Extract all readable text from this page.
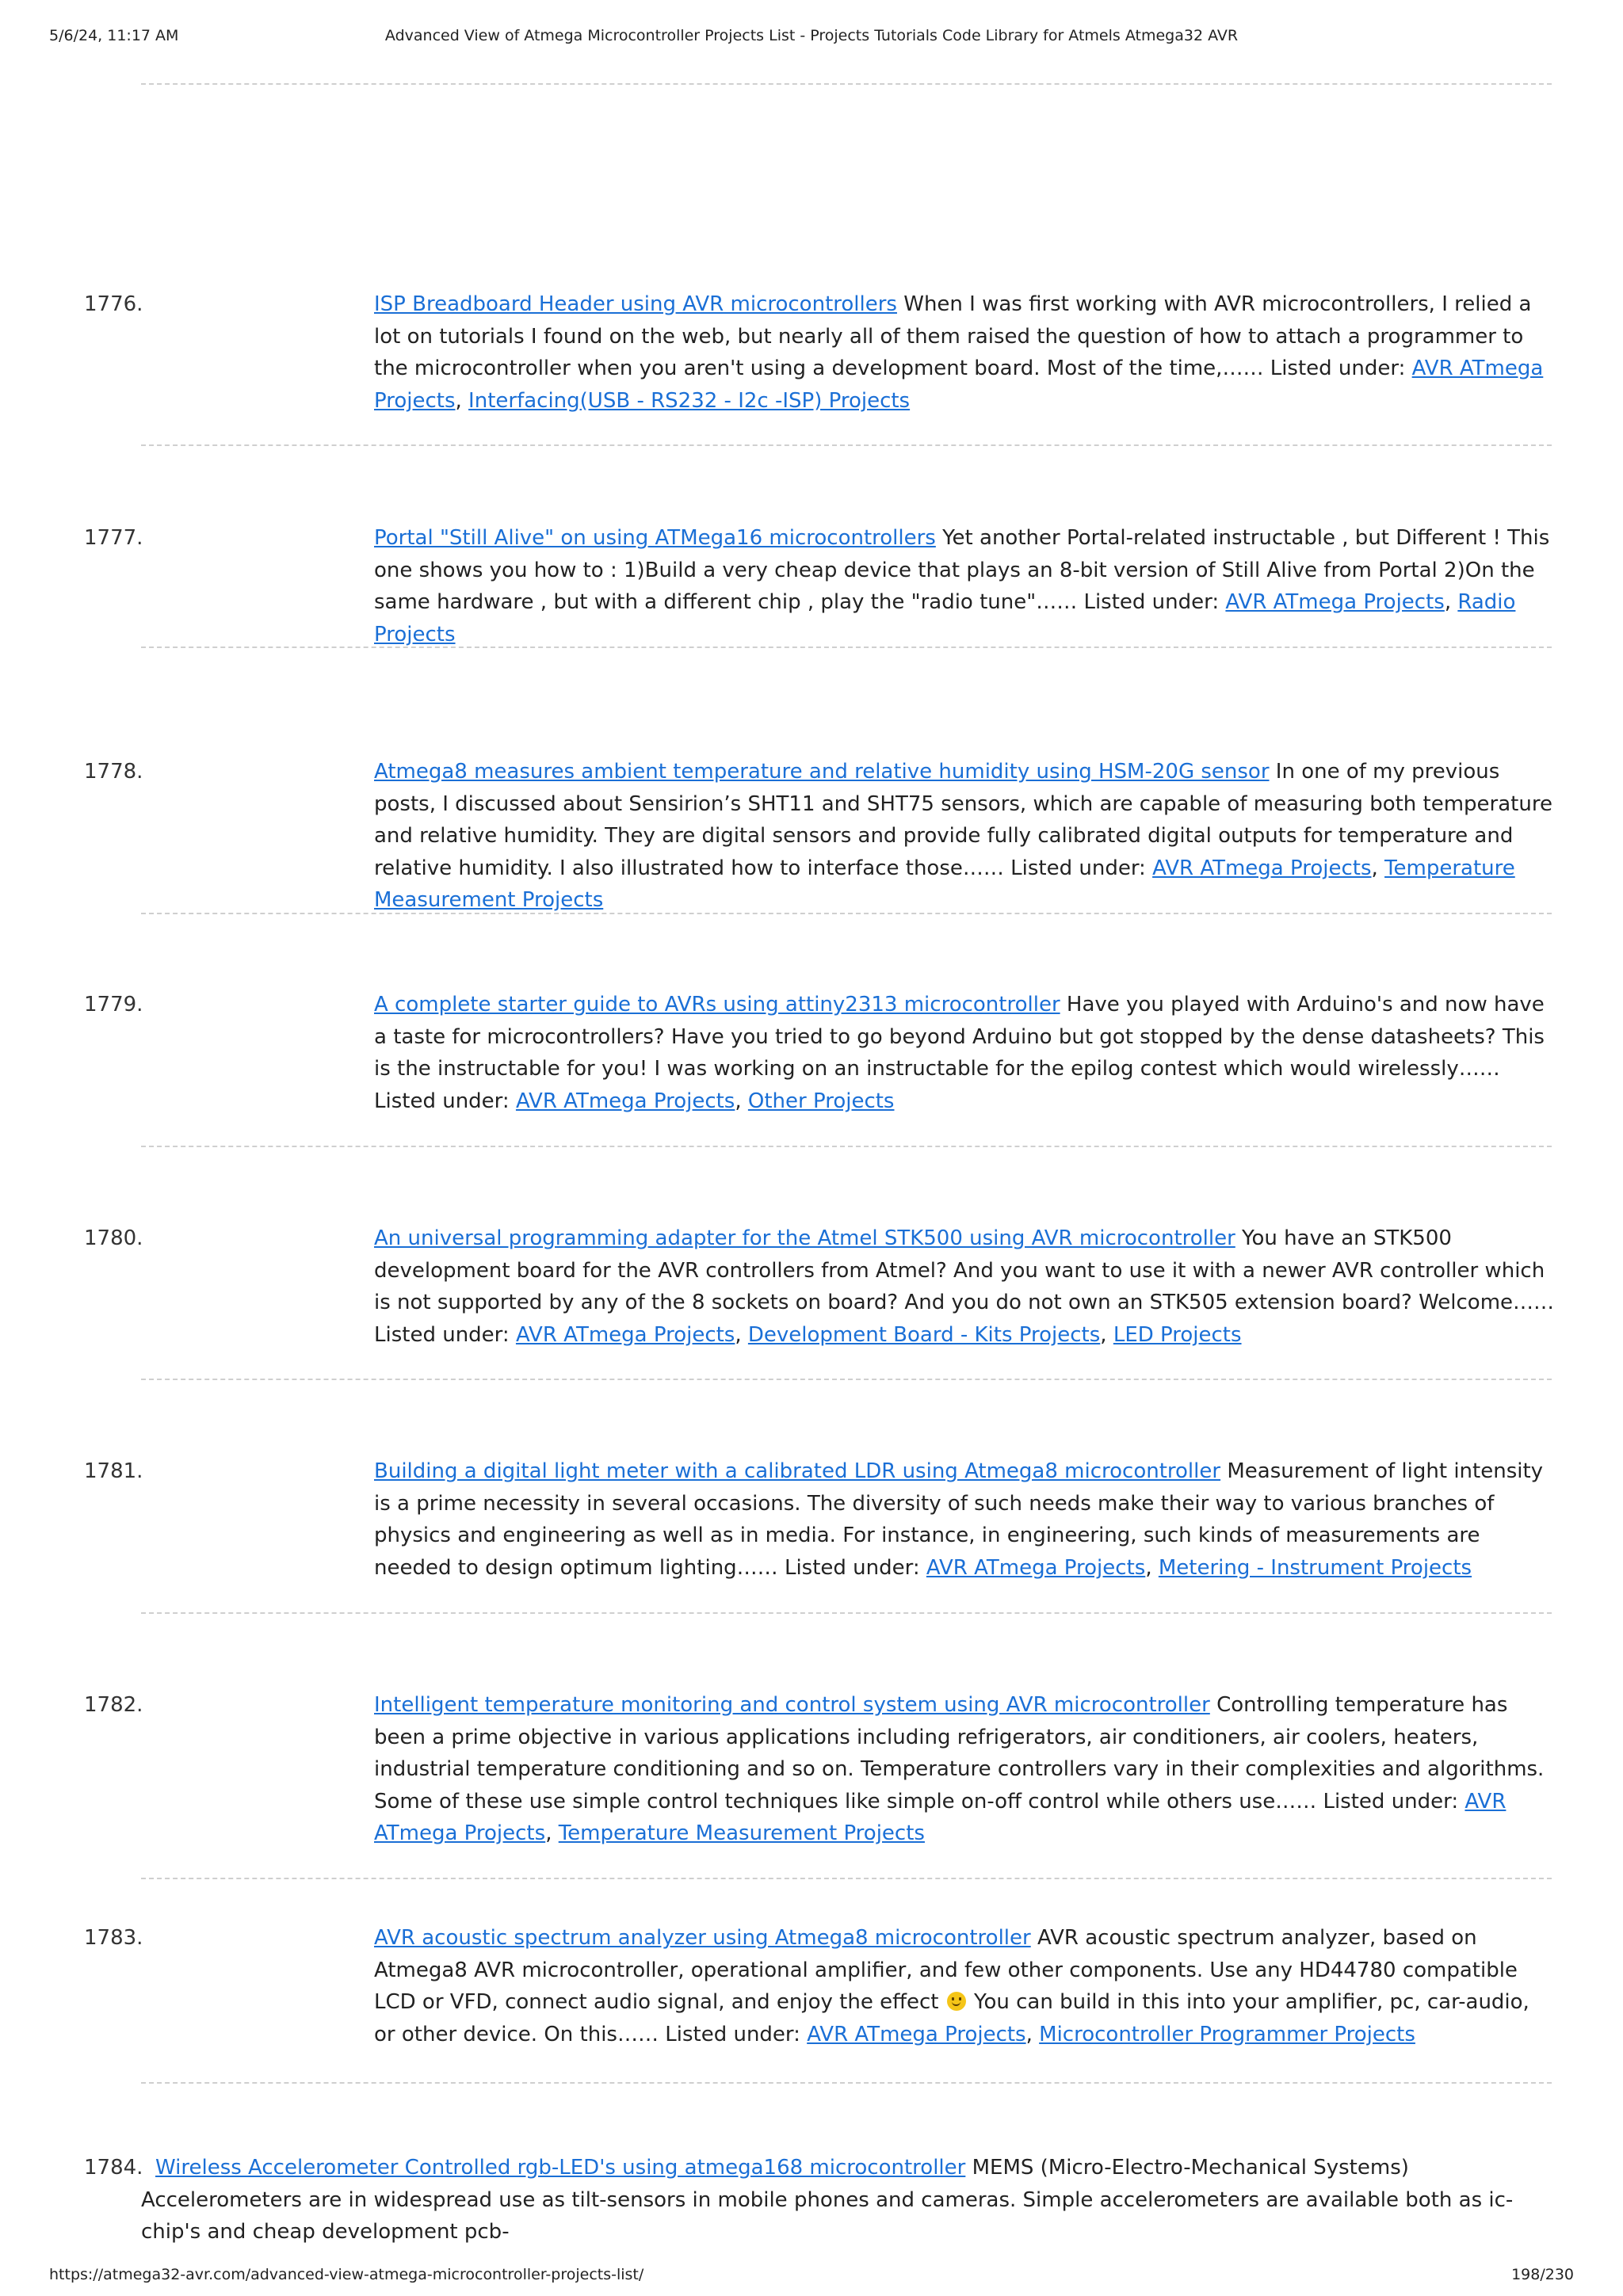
5/6/24, 11:17 AM	Advanced View of Atmega Microcontroller Projects List - Projects Tutorials Code Library for Atmels Atmega32 AVR
1776.	ISP Breadboard Header using AVR microcontrollers When I was first working with AVR microcontrollers, I relied a lot on tutorials I found on the web, but nearly all of them raised the question of how to attach a programmer to the microcontroller when you aren't using a development board. Most of the time,…… Listed under: AVR ATmega Projects, Interfacing(USB - RS232 - I2c -ISP) Projects
1777.	Portal "Still Alive" on using ATMega16 microcontrollers Yet another Portal-related instructable , but Different ! This one shows you how to : 1)Build a very cheap device that plays an 8-bit version of Still Alive from Portal 2)On the same hardware , but with a different chip , play the "radio tune"…… Listed under: AVR ATmega Projects, Radio Projects
1778.	Atmega8 measures ambient temperature and relative humidity using HSM-20G sensor In one of my previous posts, I discussed about Sensirion’s SHT11 and SHT75 sensors, which are capable of measuring both temperature and relative humidity. They are digital sensors and provide fully calibrated digital outputs for temperature and relative humidity. I also illustrated how to interface those…… Listed under: AVR ATmega Projects, Temperature Measurement Projects
1779.	A complete starter guide to AVRs using attiny2313 microcontroller Have you played with Arduino's and now have a taste for microcontrollers? Have you tried to go beyond Arduino but got stopped by the dense datasheets? This is the instructable for you! I was working on an instructable for the epilog contest which would wirelessly…… Listed under: AVR ATmega Projects, Other Projects
1780.	An universal programming adapter for the Atmel STK500 using AVR microcontroller You have an STK500 development board for the AVR controllers from Atmel? And you want to use it with a newer AVR controller which is not supported by any of the 8 sockets on board? And you do not own an STK505 extension board? Welcome…… Listed under: AVR ATmega Projects, Development Board - Kits Projects, LED Projects
1781.	Building a digital light meter with a calibrated LDR using Atmega8 microcontroller Measurement of light intensity is a prime necessity in several occasions. The diversity of such needs make their way to various branches of physics and engineering as well as in media. For instance, in engineering, such kinds of measurements are needed to design optimum lighting…… Listed under: AVR ATmega Projects, Metering - Instrument Projects
1782.	Intelligent temperature monitoring and control system using AVR microcontroller Controlling temperature has been a prime objective in various applications including refrigerators, air conditioners, air coolers, heaters, industrial temperature conditioning and so on. Temperature controllers vary in their complexities and algorithms. Some of these use simple control techniques like simple on-off control while others use…… Listed under: AVR ATmega Projects, Temperature Measurement Projects
1783.	AVR acoustic spectrum analyzer using Atmega8 microcontroller AVR acoustic spectrum analyzer, based on Atmega8 AVR microcontroller, operational amplifier, and few other components. Use any HD44780 compatible LCD or VFD, connect audio signal, and enjoy the effect  You can build in this into your amplifier, pc, car-audio, or other device. On this…… Listed under: AVR ATmega Projects, Microcontroller Programmer Projects
1784. Wireless Accelerometer Controlled rgb-LED's using atmega168 microcontroller MEMS (Micro-Electro-Mechanical Systems) Accelerometers are in widespread use as tilt-sensors in mobile phones and cameras. Simple accelerometers are available both as ic-chip's and cheap development pcb-
https://atmega32-avr.com/advanced-view-atmega-microcontroller-projects-list/	198/230
